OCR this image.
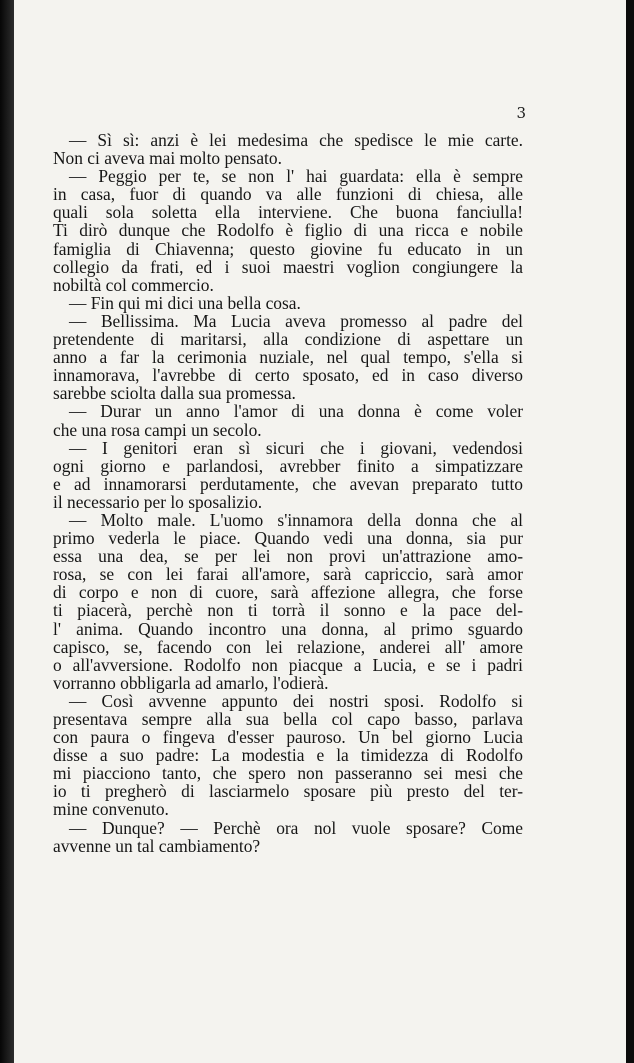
3
— Sì sì: anzi è lei medesima che spedisce le mie carte.
Non ci aveva mai molto pensato.
— Peggio per te, se non l' hai guardata: ella è sempre
in casa, fuor di quando va alle funzioni di chiesa, alle
quali sola soletta ella interviene. Che buona fanciulla!
Ti dirò dunque che Rodolfo è figlio di una ricca e nobile
famiglia di Chiavenna; questo giovine fu educato in un
collegio da frati, ed i suoi maestri voglion congiungere la
nobiltà col commercio.
— Fin qui mi dici una bella cosa.
— Bellissima. Ma Lucia aveva promesso al padre del
pretendente di maritarsi, alla condizione di aspettare un
anno a far la cerimonia nuziale, nel qual tempo, s'ella si
innamorava, l'avrebbe di certo sposato, ed in caso diverso
sarebbe sciolta dalla sua promessa.
— Durar un anno l'amor di una donna è come voler
che una rosa campi un secolo.
— I genitori eran sì sicuri che i giovani, vedendosi
ogni giorno e parlandosi, avrebber finito a simpatizzare
e ad innamorarsi perdutamente, che avevan preparato tutto
il necessario per lo sposalizio.
— Molto male. L'uomo s'innamora della donna che al
primo vederla le piace. Quando vedi una donna, sia pur
essa una dea, se per lei non provi un'attrazione amo-
rosa, se con lei farai all'amore, sarà capriccio, sarà amor
di corpo e non di cuore, sarà affezione allegra, che forse
ti piacerà, perchè non ti torrà il sonno e la pace del-
l' anima. Quando incontro una donna, al primo sguardo
capisco, se, facendo con lei relazione, anderei all' amore
o all'avversione. Rodolfo non piacque a Lucia, e se i padri
vorranno obbligarla ad amarlo, l'odierà.
— Così avvenne appunto dei nostri sposi. Rodolfo si
presentava sempre alla sua bella col capo basso, parlava
con paura o fingeva d'esser pauroso. Un bel giorno Lucia
disse a suo padre: La modestia e la timidezza di Rodolfo
mi piacciono tanto, che spero non passeranno sei mesi che
io ti pregherò di lasciarmelo sposare più presto del ter-
mine convenuto.
— Dunque? — Perchè ora nol vuole sposare? Come
avvenne un tal cambiamento?
